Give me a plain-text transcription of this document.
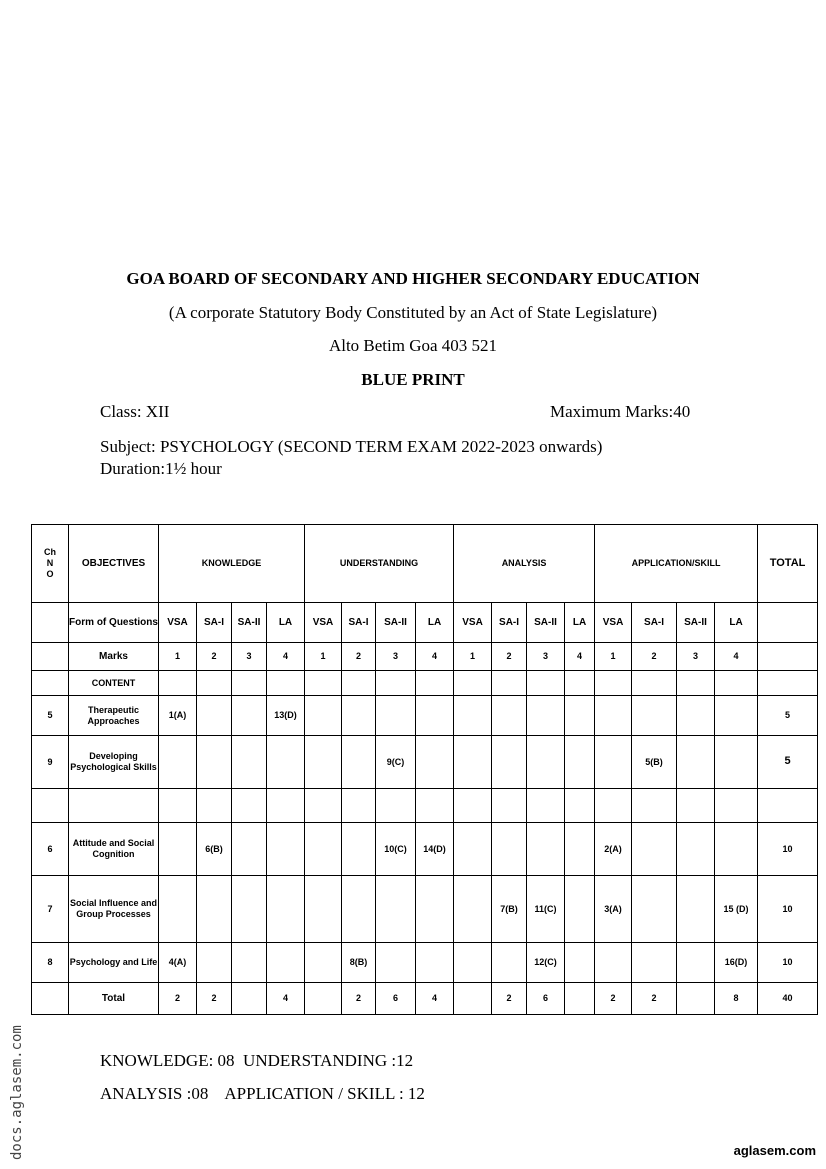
GOA BOARD OF SECONDARY AND HIGHER SECONDARY EDUCATION
(A corporate Statutory Body Constituted by an Act of State Legislature)
Alto Betim Goa 403 521
BLUE PRINT
Class: XII	Maximum Marks:40
Subject: PSYCHOLOGY (SECOND TERM EXAM 2022-2023 onwards)
Duration:1½ hour
Ch
N
O	OBJECTIVES	KNOWLEDGE				UNDERSTANDING				ANALYSIS				APPLICATION/SKILL				TOTAL
	Form of Questions	VSA	SA-I	SA-II	LA	VSA	SA-I	SA-II	LA	VSA	SA-I	SA-II	LA	VSA	SA-I	SA-II	LA	
	Marks	1	2	3	4	1	2	3	4	1	2	3	4	1	2	3	4	
	CONTENT																	
5	Therapeutic Approaches	1(A)			13(D)													5
9	Developing Psychological Skills							9(C)							5(B)			5

6	Attitude and Social Cognition		6(B)					10(C)	14(D)					2(A)				10
7	Social Influence and Group Processes										7(B)	11(C)		3(A)			15 (D)	10
8	Psychology and Life	4(A)					8(B)					12(C)					16(D)	10
	Total	2	2		4		2	6	4		2	6		2	2		8	40
KNOWLEDGE: 08  UNDERSTANDING :12
ANALYSIS :08    APPLICATION / SKILL : 12
docs.aglasem.com	aglasem.com
